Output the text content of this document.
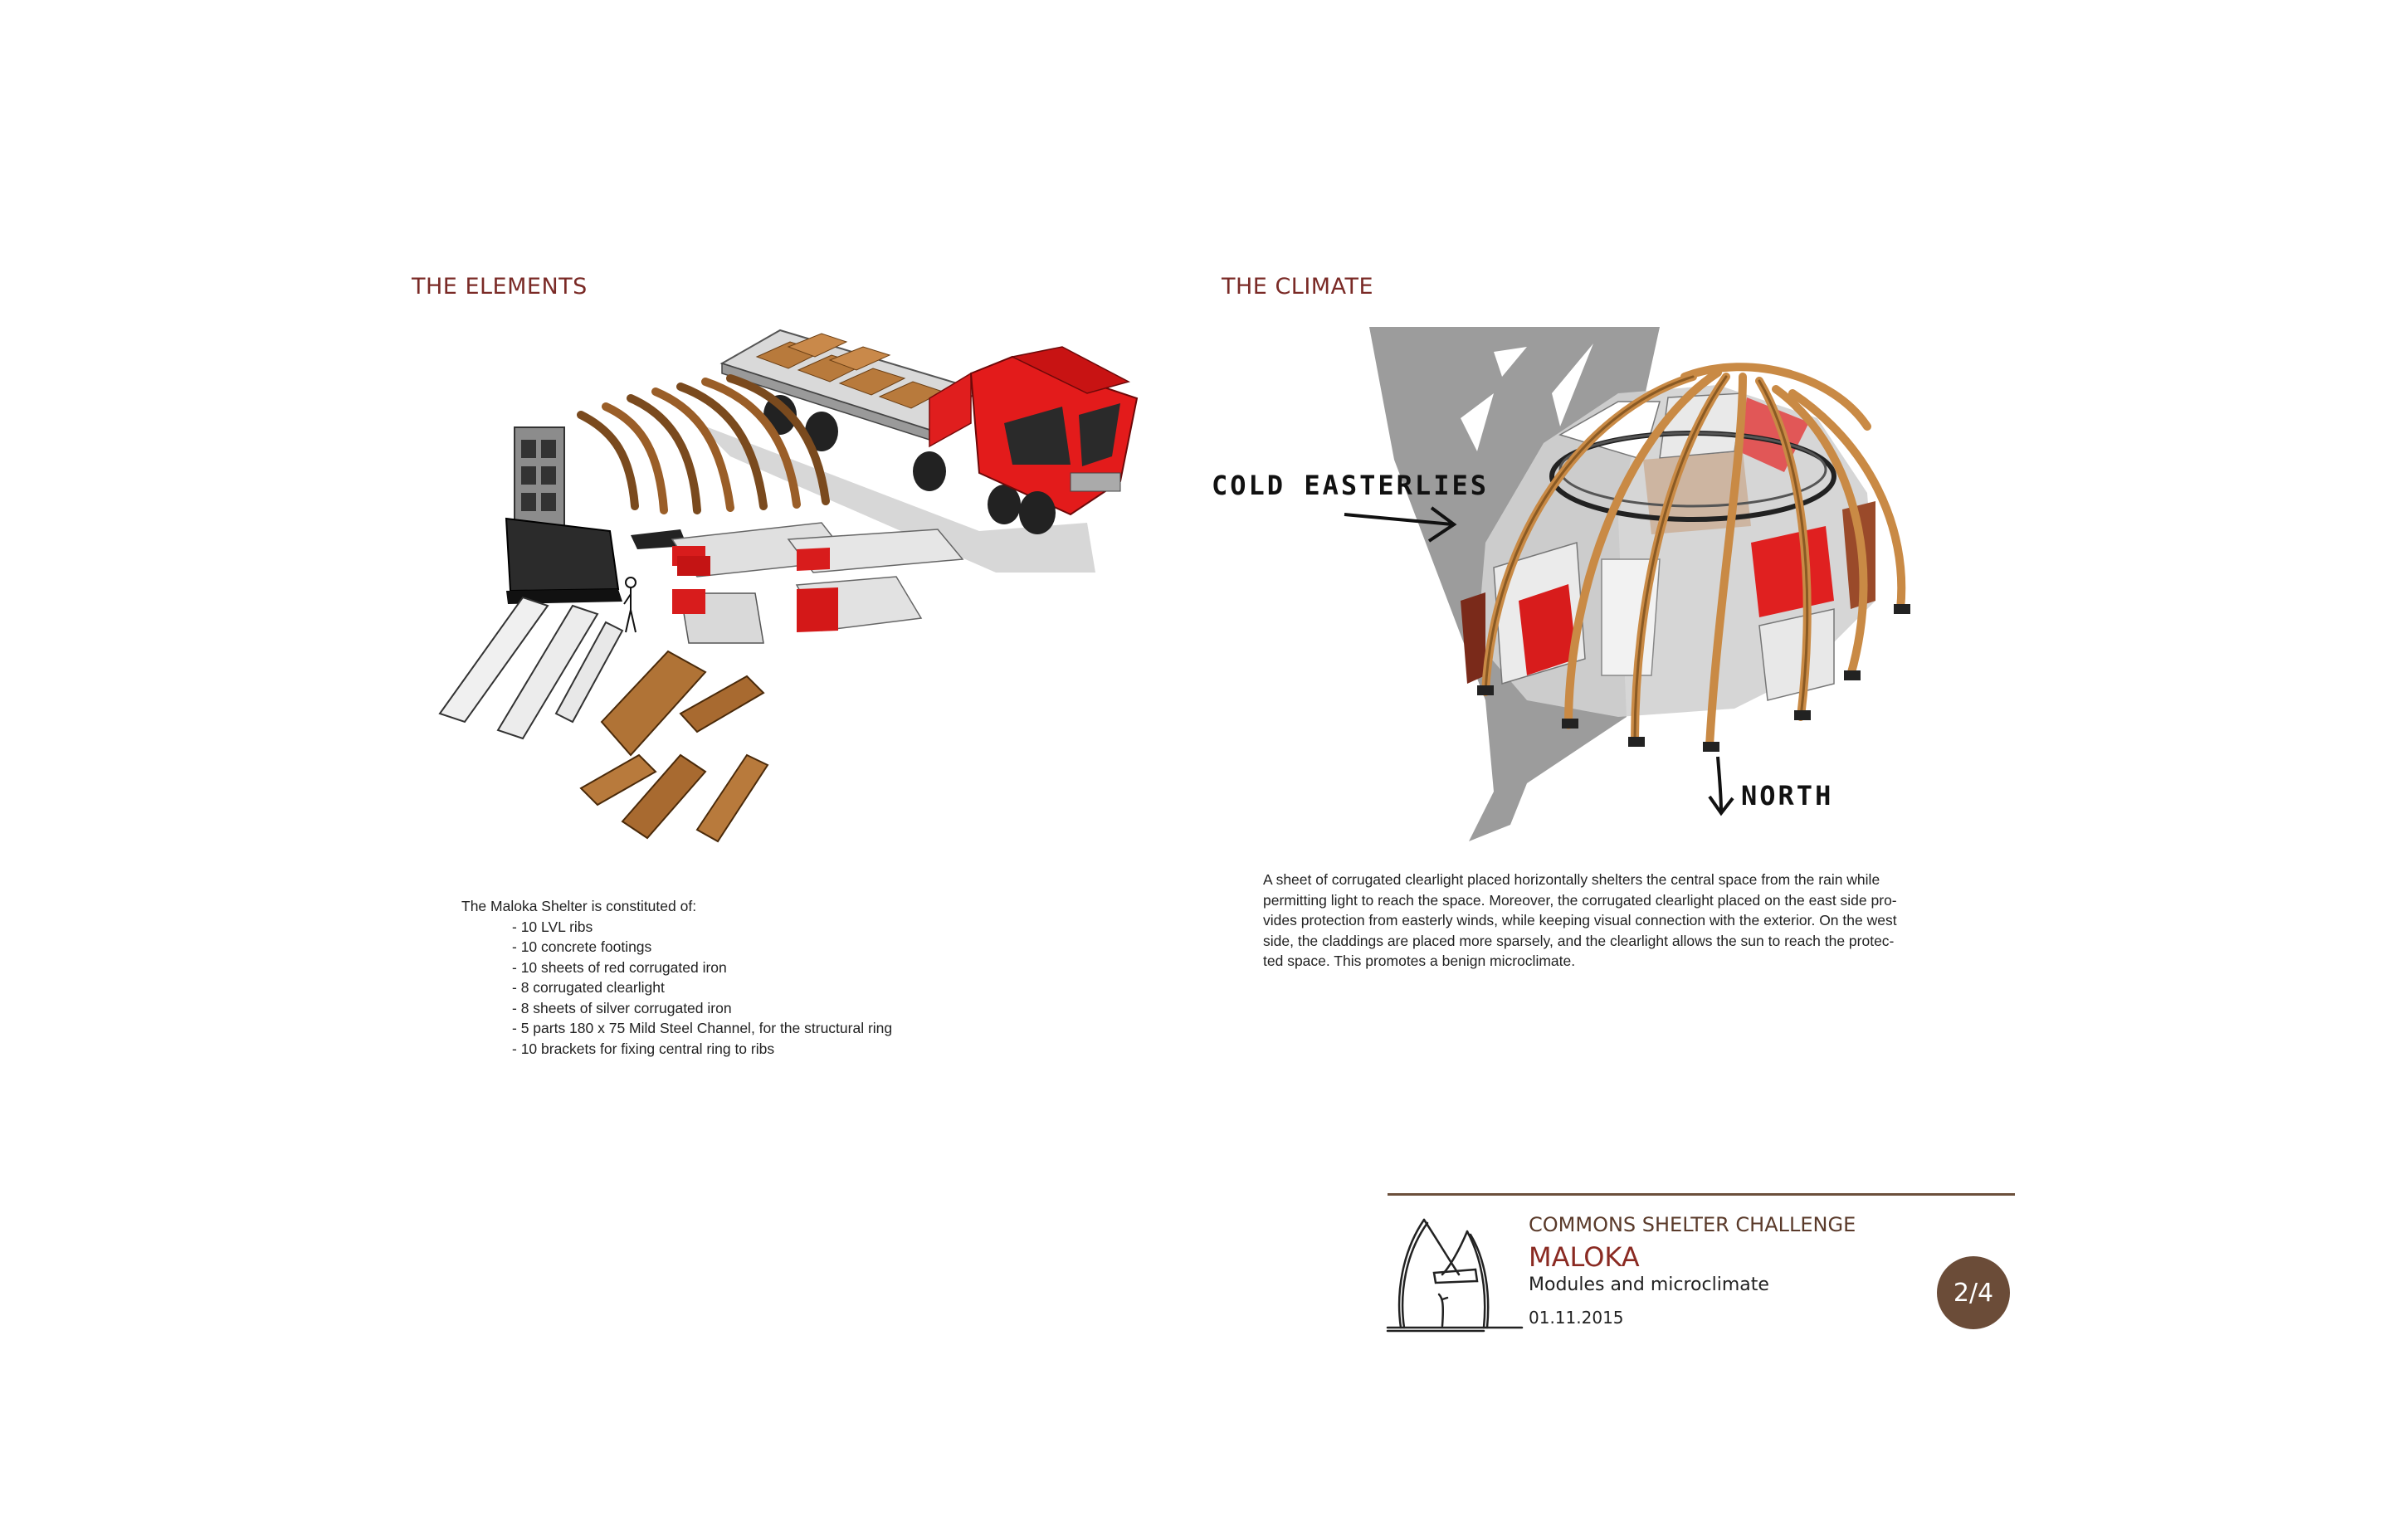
THE ELEMENTS
The Maloka Shelter is constituted of:
- 10 LVL ribs
- 10 concrete footings
- 10 sheets of red corrugated iron
- 8 corrugated clearlight
- 8 sheets of silver corrugated iron
- 5 parts 180 x 75 Mild Steel Channel, for the structural ring
- 10 brackets for fixing central ring to ribs
THE CLIMATE
COLD EASTERLIES
NORTH
A sheet of corrugated clearlight placed horizontally shelters the central space from the rain while
permitting light to reach the space. Moreover, the corrugated clearlight placed on the east side pro-
vides protection from easterly winds, while keeping visual connection with the exterior. On the west
side, the claddings are placed more sparsely, and the clearlight allows the sun to reach the protec-
ted space. This promotes a benign microclimate.
COMMONS SHELTER CHALLENGE
MALOKA
Modules and microclimate
01.11.2015
2/4
